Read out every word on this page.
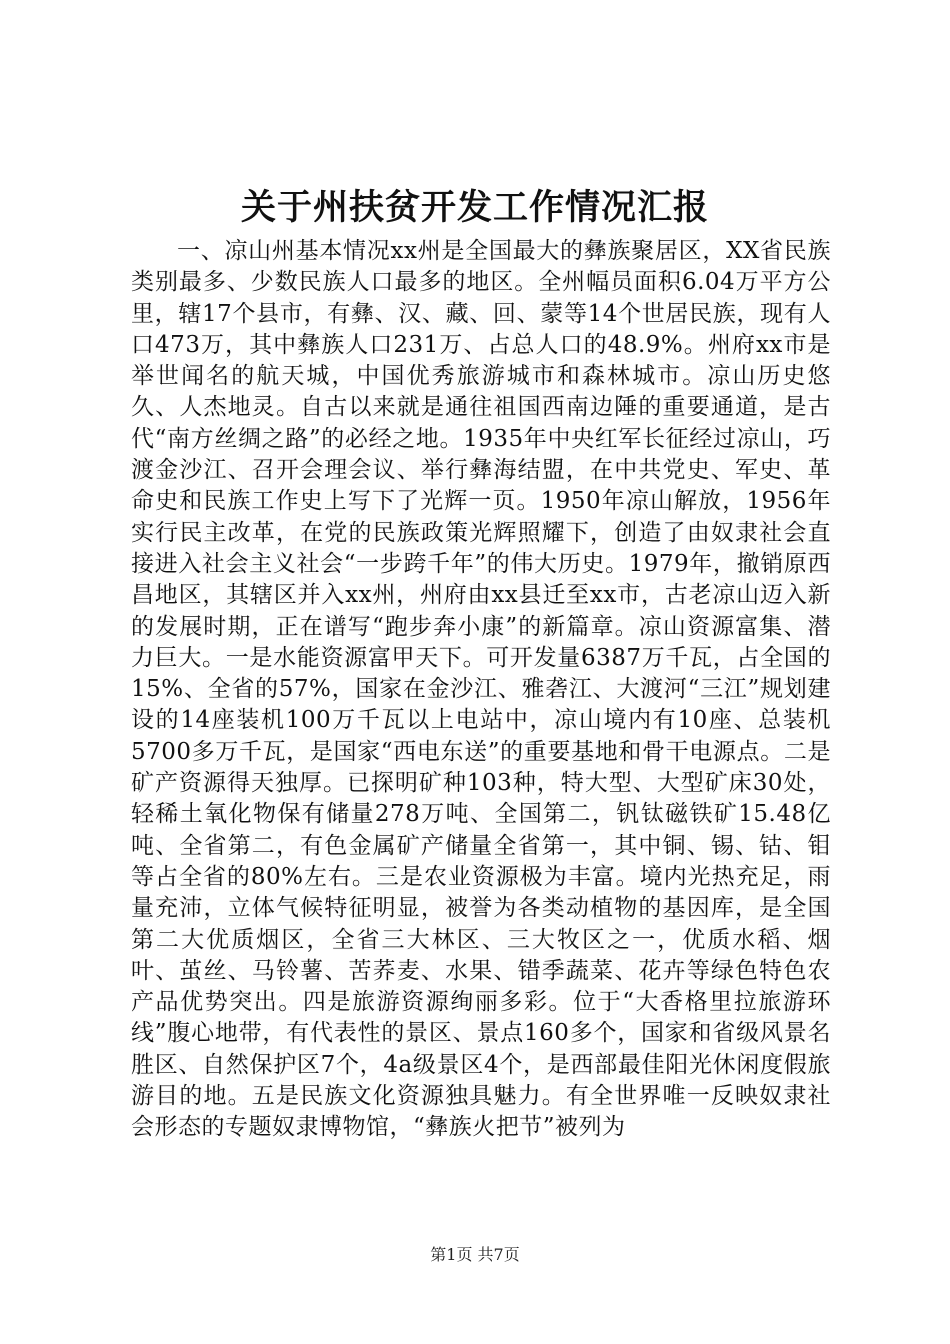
关于州扶贫开发工作情况汇报

一、凉山州基本情况xx州是全国最大的彝族聚居区，XX省民族类别最多、少数民族人口最多的地区。全州幅员面积6.04万平方公里，辖17个县市，有彝、汉、藏、回、蒙等14个世居民族，现有人口473万，其中彝族人口231万、占总人口的48.9%。州府xx市是举世闻名的航天城，中国优秀旅游城市和森林城市。凉山历史悠久、人杰地灵。自古以来就是通往祖国西南边陲的重要通道，是古代“南方丝绸之路”的必经之地。1935年中央红军长征经过凉山，巧渡金沙江、召开会理会议、举行彝海结盟，在中共党史、军史、革命史和民族工作史上写下了光辉一页。1950年凉山解放，1956年实行民主改革，在党的民族政策光辉照耀下，创造了由奴隶社会直接进入社会主义社会“一步跨千年”的伟大历史。1979年，撤销原西昌地区，其辖区并入xx州，州府由xx县迁至xx市，古老凉山迈入新的发展时期，正在谱写“跑步奔小康”的新篇章。凉山资源富集、潜力巨大。一是水能资源富甲天下。可开发量6387万千瓦，占全国的15%、全省的57%，国家在金沙江、雅砻江、大渡河“三江”规划建设的14座装机100万千瓦以上电站中，凉山境内有10座、总装机5700多万千瓦，是国家“西电东送”的重要基地和骨干电源点。二是矿产资源得天独厚。已探明矿种103种，特大型、大型矿床30处，轻稀土氧化物保有储量278万吨、全国第二，钒钛磁铁矿15.48亿吨、全省第二，有色金属矿产储量全省第一，其中铜、锡、钴、钼等占全省的80%左右。三是农业资源极为丰富。境内光热充足，雨量充沛，立体气候特征明显，被誉为各类动植物的基因库，是全国第二大优质烟区，全省三大林区、三大牧区之一，优质水稻、烟叶、茧丝、马铃薯、苦荞麦、水果、错季蔬菜、花卉等绿色特色农产品优势突出。四是旅游资源绚丽多彩。位于“大香格里拉旅游环线”腹心地带，有代表性的景区、景点160多个，国家和省级风景名胜区、自然保护区7个，4a级景区4个，是西部最佳阳光休闲度假旅游目的地。五是民族文化资源独具魅力。有全世界唯一反映奴隶社会形态的专题奴隶博物馆，“彝族火把节”被列为

第1页 共7页
